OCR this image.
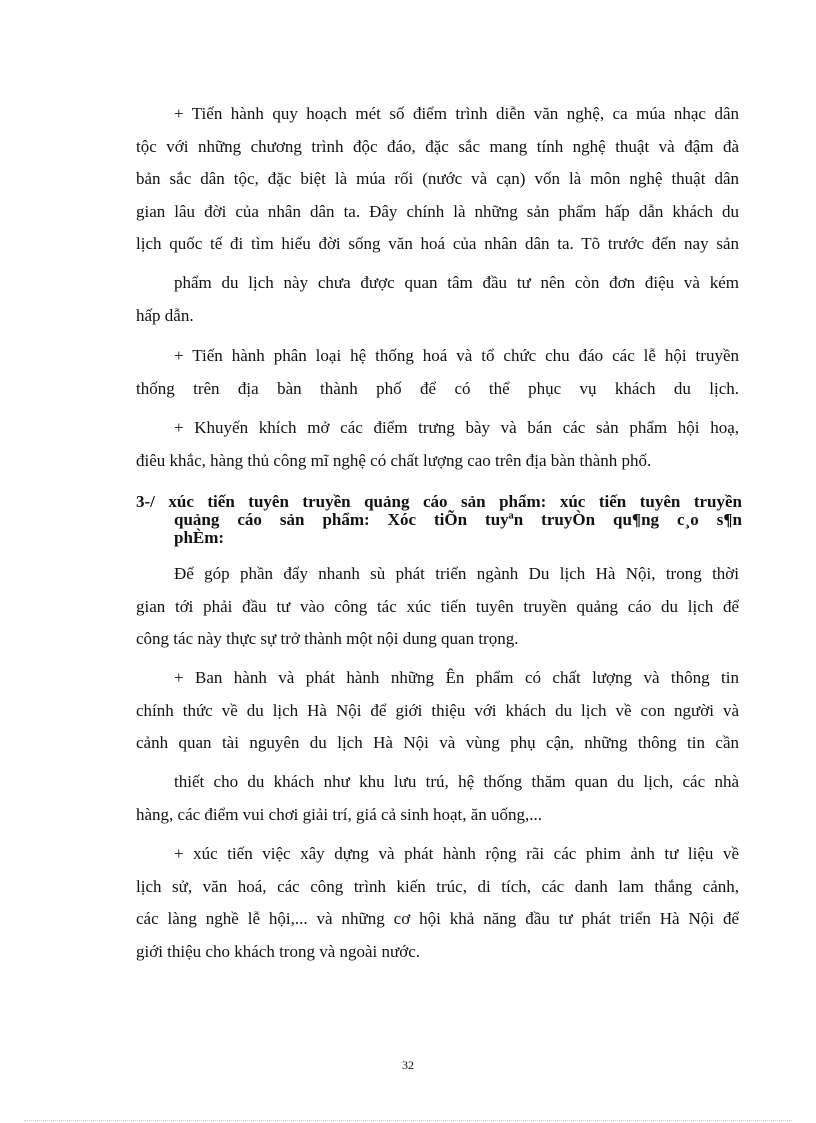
+ Tiến hành quy hoạch mét số điểm trình diễn văn nghệ, ca múa nhạc dân
tộc với những chương trình độc đáo, đặc sắc mang tính nghệ thuật và đậm đà
bản sắc dân tộc, đặc biệt là múa rối (nước và cạn) vốn là môn nghệ thuật dân
gian lâu đời của nhân dân ta. Đây chính là những sản phẩm hấp dẫn khách du
lịch quốc tế đi tìm hiểu đời sống văn hoá của nhân dân ta. Tõ trước đến nay sản

phẩm du lịch này chưa được quan tâm đầu tư nên còn đơn điệu và kém
hấp dẫn.

+ Tiến hành phân loại hệ thống hoá và tổ chức chu đáo các lễ hội truyền
thống trên địa bàn thành phố để có thể phục vụ khách du lịch.

+ Khuyến khích mở các điểm trưng bày và bán các sản phẩm hội hoạ,
điêu khắc, hàng thủ công mĩ nghệ có chất lượng cao trên địa bàn thành phố.

3-/ xúc tiến tuyên truyền quảng cáo sản phẩm: xúc tiến tuyên truyền
quảng cáo sản phẩm: Xóc tiÕn tuyªn truyÒn qu¶ng c¸o s¶n
phÈm:

Để góp phần đẩy nhanh sù phát triển ngành Du lịch Hà Nội, trong thời
gian tới phải đầu tư vào công tác xúc tiến tuyên truyền quảng cáo du lịch để
công tác này thực sự trở thành một nội dung quan trọng.

+ Ban hành và phát hành những Ên phẩm có chất lượng và thông tin
chính thức về du lịch Hà Nội để giới thiệu với khách du lịch về con người và
cảnh quan tài nguyên du lịch Hà Nội và vùng phụ cận, những thông tin cần

thiết cho du khách như khu lưu trú, hệ thống thăm quan du lịch, các nhà
hàng, các điểm vui chơi giải trí, giá cả sinh hoạt, ăn uống,...

+ xúc tiến việc xây dựng và phát hành rộng rãi các phim ảnh tư liệu về
lịch sử, văn hoá, các công trình kiến trúc, di tích, các danh lam thắng cảnh,
các làng nghề lễ hội,... và những cơ hội khả năng đầu tư phát triển Hà Nội để
giới thiệu cho khách trong và ngoài nước.

32
